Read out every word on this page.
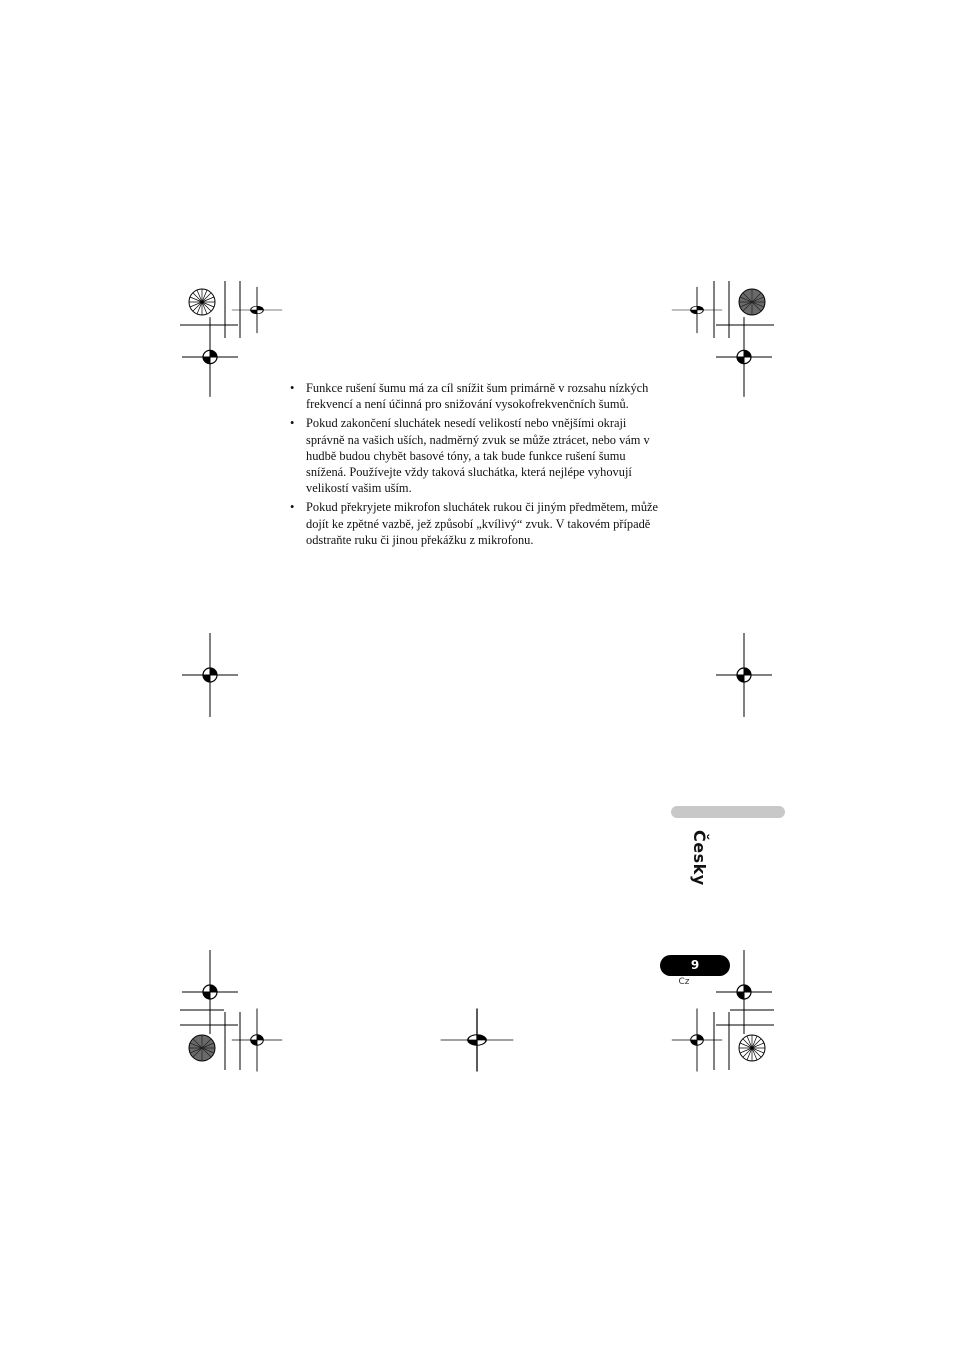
• Funkce rušení šumu má za cíl snížit šum primárně v rozsahu nízkých frekvencí a není účinná pro snižování vysokofrekvenčních šumů.
• Pokud zakončení sluchátek nesedí velikostí nebo vnějšími okraji správně na vašich uších, nadměrný zvuk se může ztrácet, nebo vám v hudbě budou chybět basové tóny, a tak bude funkce rušení šumu snížená. Používejte vždy taková sluchátka, která nejlépe vyhovují velikostí vašim uším.
• Pokud překryjete mikrofon sluchátek rukou či jiným předmětem, může dojít ke zpětné vazbě, jež způsobí „kvílivý“ zvuk. V takovém případě odstraňte ruku či jinou překážku z mikrofonu.
Česky
9
Cz
